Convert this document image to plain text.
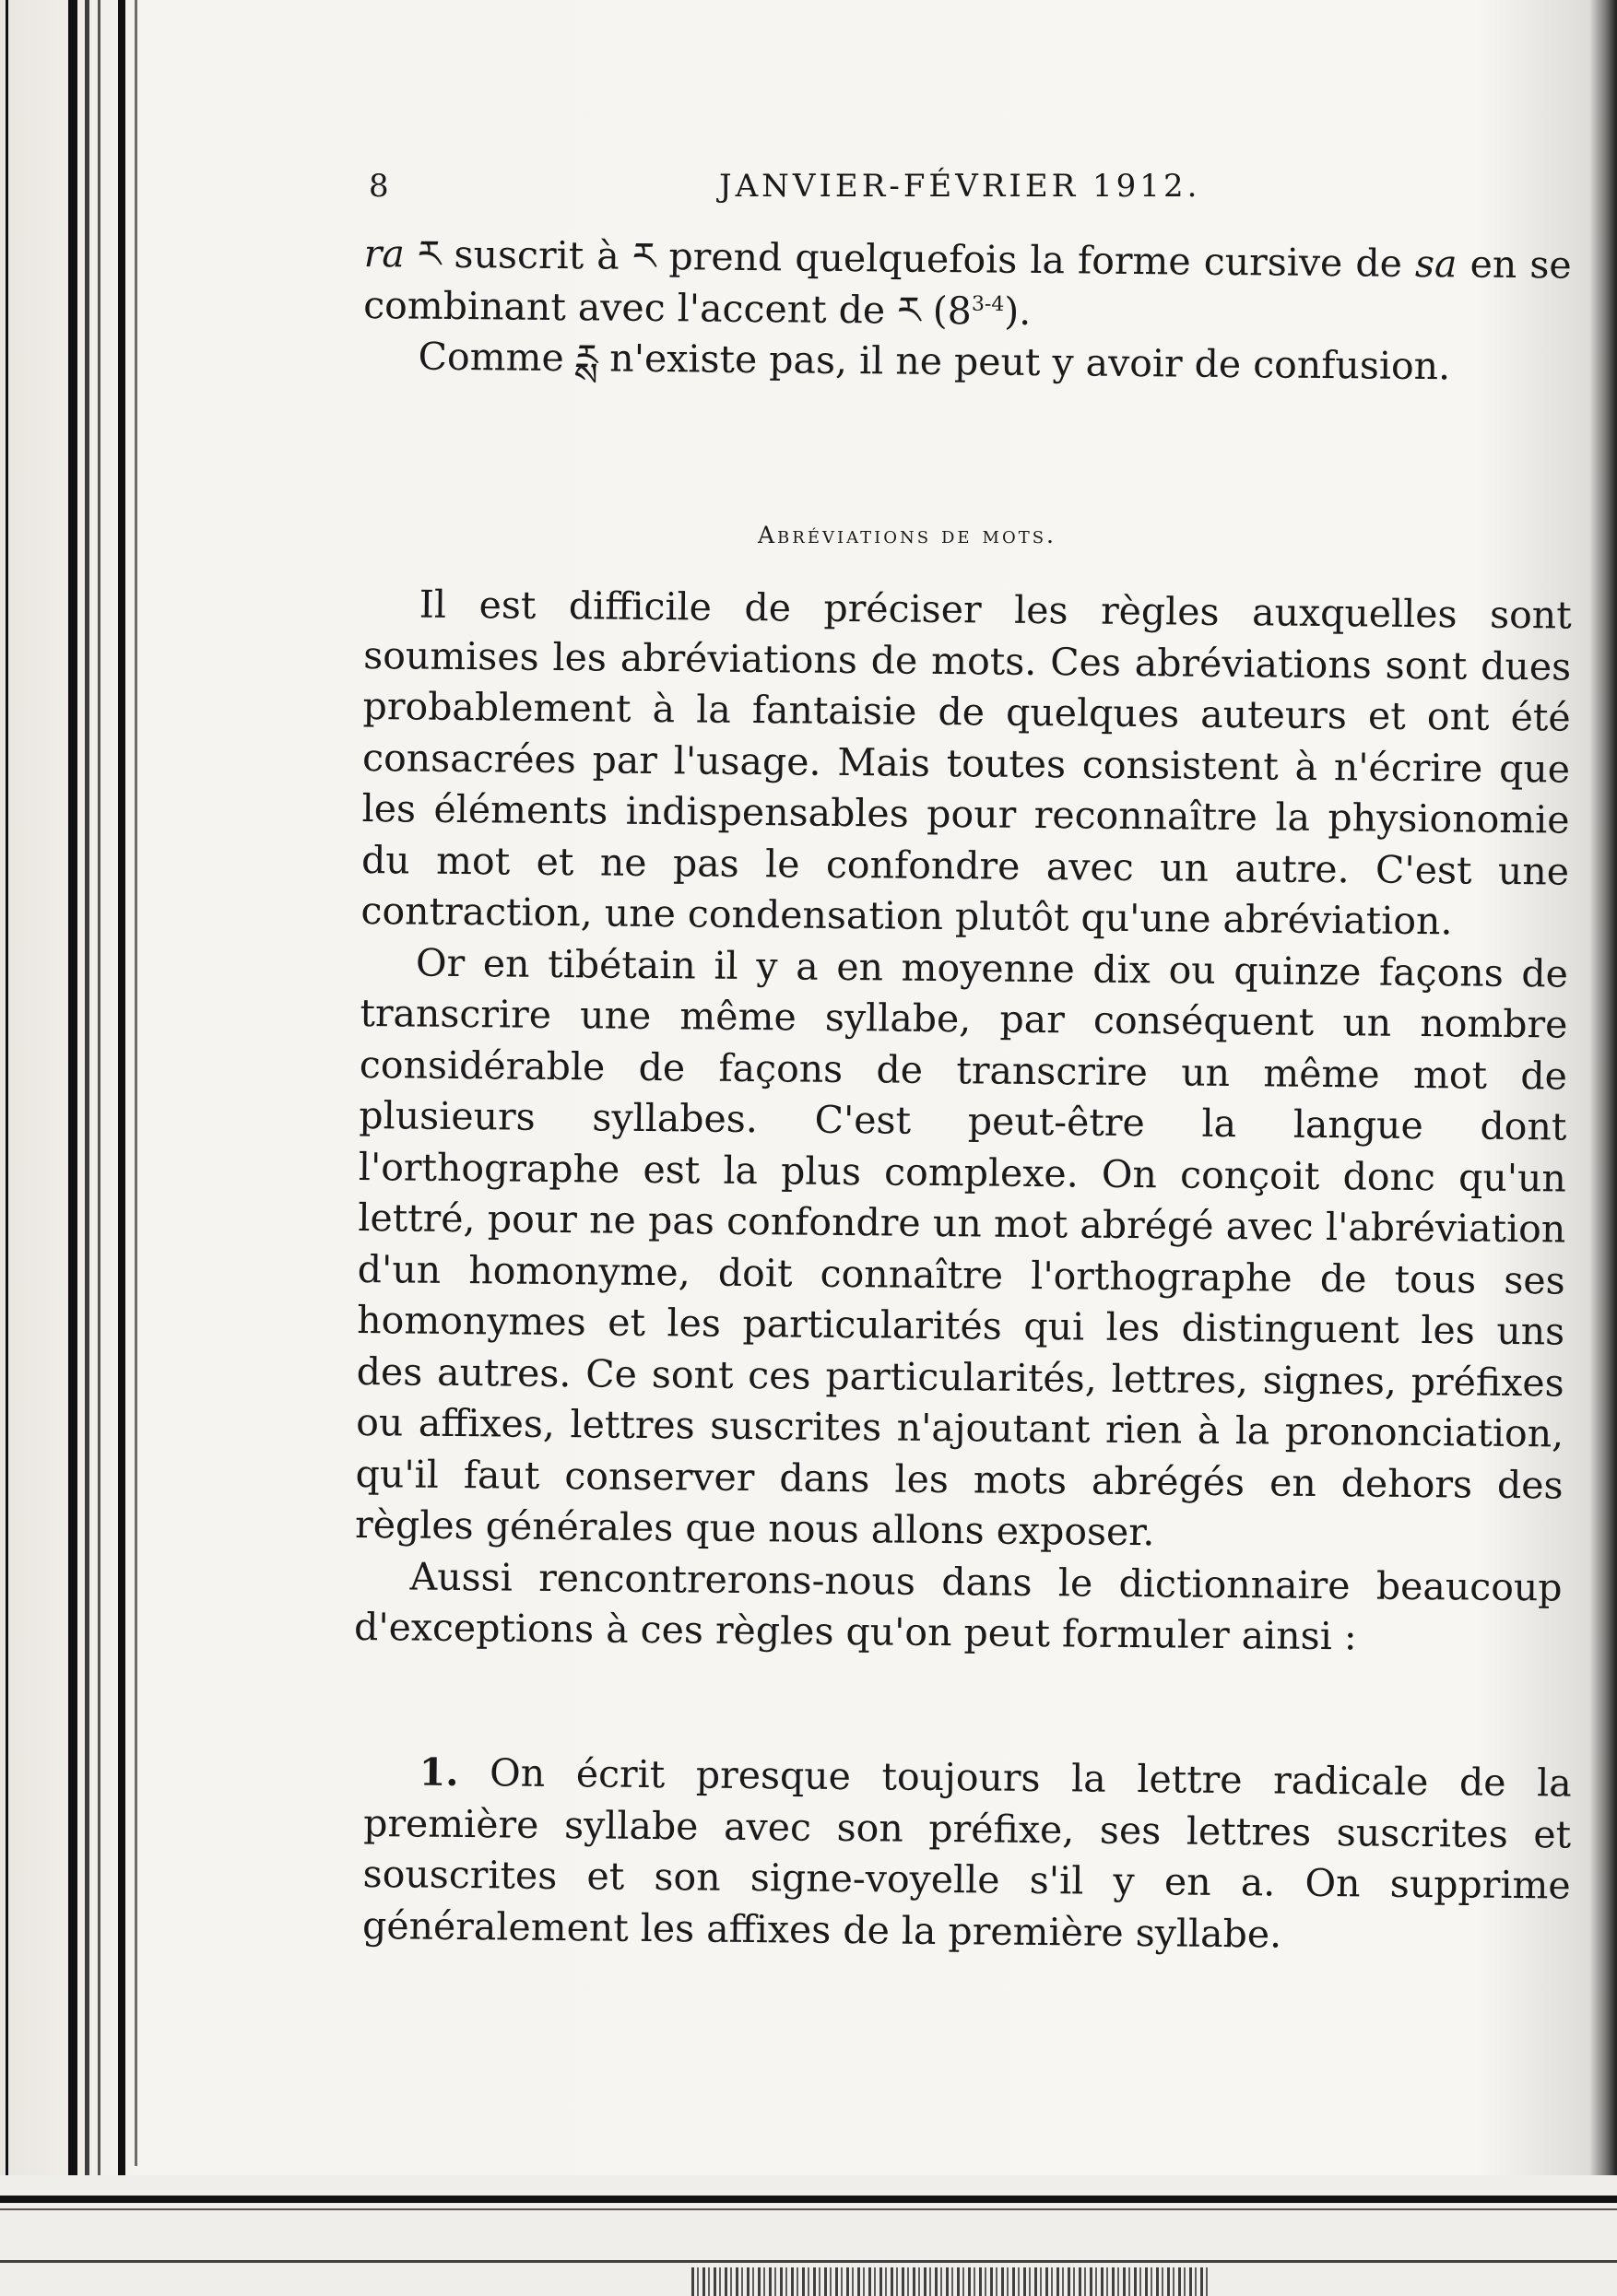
8	JANVIER-FÉVRIER 1912.

ra ར suscrit à ཪ prend quelquefois la forme cursive de sa en se combinant avec l'accent de ཪ (8$^{3-4}$).

Comme ཪྶ n'existe pas, il ne peut y avoir de confusion.

Abréviations de mots.

Il est difficile de préciser les règles auxquelles sont soumises les abréviations de mots. Ces abréviations sont dues probablement à la fantaisie de quelques auteurs et ont été consacrées par l'usage. Mais toutes consistent à n'écrire que les éléments indispensables pour reconnaître la physionomie du mot et ne pas le confondre avec un autre. C'est une contraction, une condensation plutôt qu'une abréviation.

Or en tibétain il y a en moyenne dix ou quinze façons de transcrire une même syllabe, par conséquent un nombre considérable de façons de transcrire un même mot de plusieurs syllabes. C'est peut-être la langue dont l'orthographe est la plus complexe. On conçoit donc qu'un lettré, pour ne pas confondre un mot abrégé avec l'abréviation d'un homonyme, doit connaître l'orthographe de tous ses homonymes et les particularités qui les distinguent les uns des autres. Ce sont ces particularités, lettres, signes, préfixes ou affixes, lettres suscrites n'ajoutant rien à la prononciation, qu'il faut conserver dans les mots abrégés en dehors des règles générales que nous allons exposer.

Aussi rencontrerons-nous dans le dictionnaire beaucoup d'exceptions à ces règles qu'on peut formuler ainsi :

1. On écrit presque toujours la lettre radicale de la première syllabe avec son préfixe, ses lettres suscrites et souscrites et son signe-voyelle s'il y en a. On supprime généralement les affixes de la première syllabe.
